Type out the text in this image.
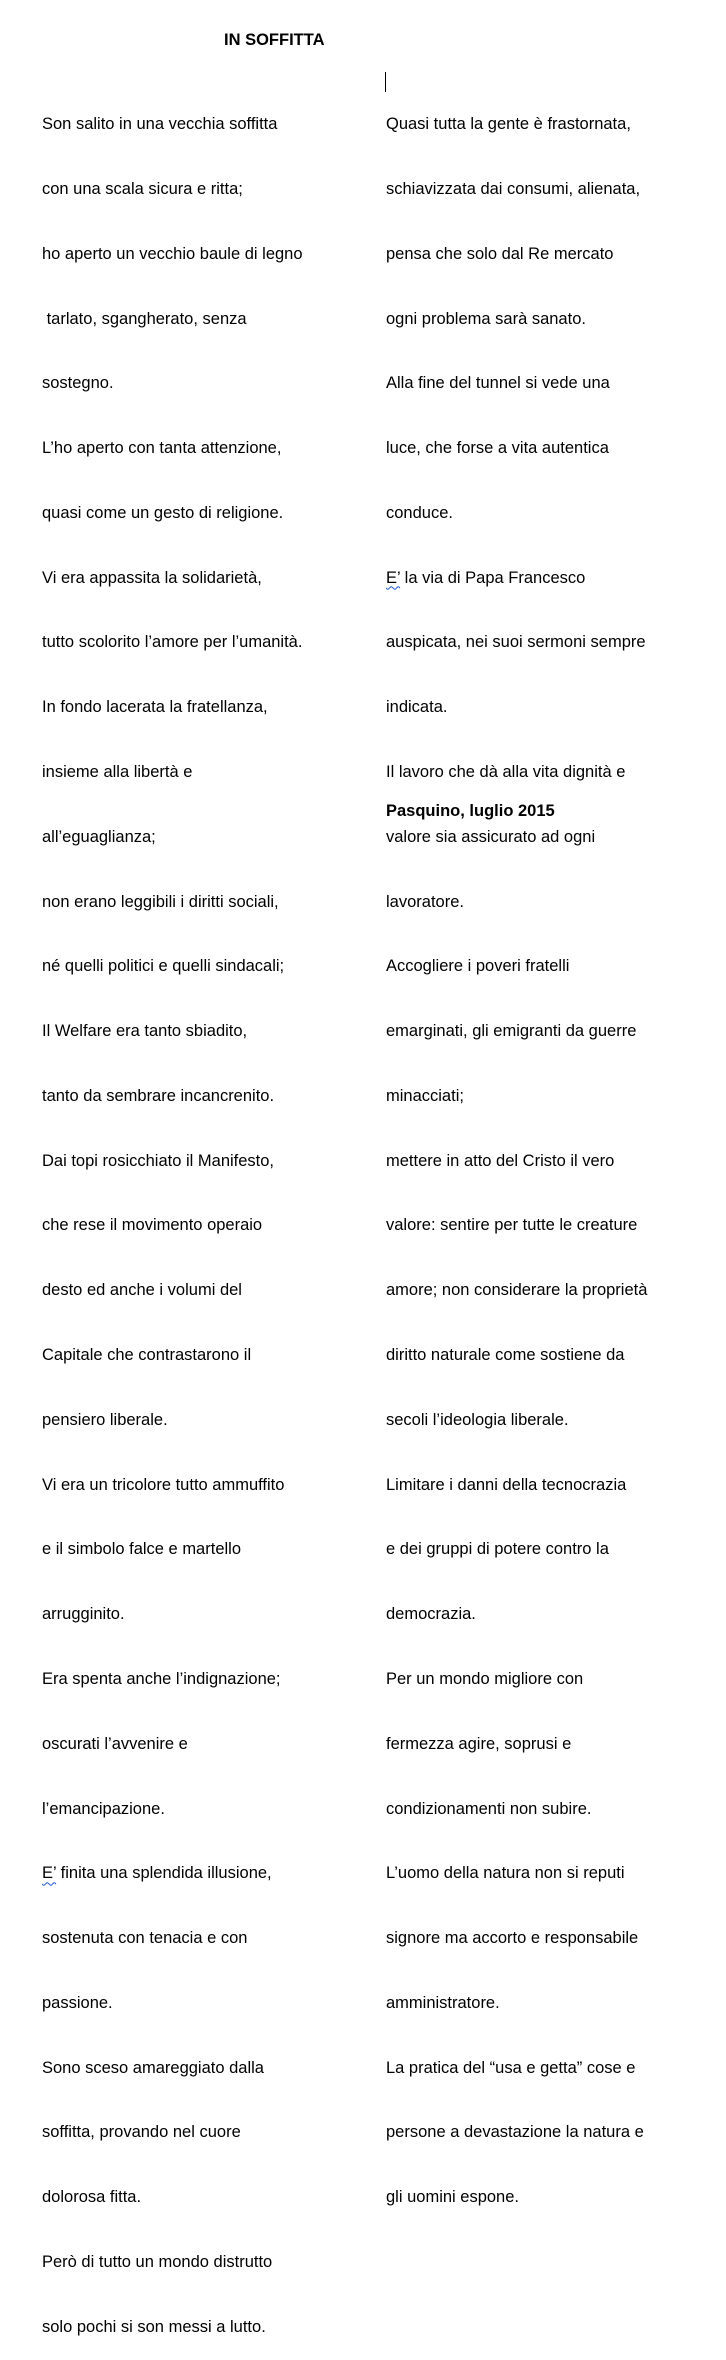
IN SOFFITTA

Son salito in una vecchia soffitta

con una scala sicura e ritta;

ho aperto un vecchio baule di legno

tarlato, sgangherato, senza

sostegno.

L’ho aperto con tanta attenzione,

quasi come un gesto di religione.

Vi era appassita la solidarietà,

tutto scolorito l’amore per l’umanità.

In fondo lacerata la fratellanza,

insieme alla libertà e

all’eguaglianza;

non erano leggibili i diritti sociali,

né quelli politici e quelli sindacali;

Il Welfare era tanto sbiadito,

tanto da sembrare incancrenito.

Dai topi rosicchiato il Manifesto,

che rese il movimento operaio

desto ed anche i volumi del

Capitale che contrastarono il

pensiero liberale.

Vi era un tricolore tutto ammuffito

e il simbolo falce e martello

arrugginito.

Era spenta anche l’indignazione;

oscurati l’avvenire e

l’emancipazione.

E’ finita una splendida illusione,

sostenuta con tenacia e con

passione.

Sono sceso amareggiato dalla

soffitta, provando nel cuore

dolorosa fitta.

Però di tutto un mondo distrutto

solo pochi si son messi a lutto.

Quasi tutta la gente è frastornata,

schiavizzata dai consumi, alienata,

pensa che solo dal Re mercato

ogni problema sarà sanato.

Alla fine del tunnel si vede una

luce, che forse a vita autentica

conduce.

E’ la via di Papa Francesco

auspicata, nei suoi sermoni sempre

indicata.

Il lavoro che dà alla vita dignità e

valore sia assicurato ad ogni

lavoratore.

Accogliere i poveri fratelli

emarginati, gli emigranti da guerre

minacciati;

mettere in atto del Cristo il vero

valore: sentire per tutte le creature

amore; non considerare la proprietà

diritto naturale come sostiene da

secoli l’ideologia liberale.

Limitare i danni della tecnocrazia

e dei gruppi di potere contro la

democrazia.

Per un mondo migliore con

fermezza agire, soprusi e

condizionamenti non subire.

L’uomo della natura non si reputi

signore ma accorto e responsabile

amministratore.

La pratica del “usa e getta” cose e

persone a devastazione la natura e

gli uomini espone.

Pasquino, luglio 2015
